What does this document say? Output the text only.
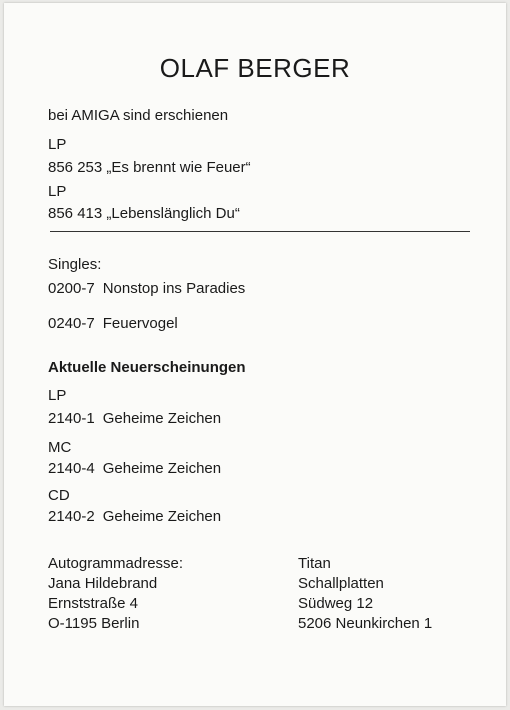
OLAF BERGER
bei AMIGA sind erschienen
LP
856 253 „Es brennt wie Feuer“
LP
856 413 „Lebenslänglich Du“
Singles:
0200-7 Nonstop ins Paradies
0240-7 Feuervogel
Aktuelle Neuerscheinungen
LP
2140-1 Geheime Zeichen
MC
2140-4 Geheime Zeichen
CD
2140-2 Geheime Zeichen
Autogrammadresse:
Jana Hildebrand
Ernststraße 4
O-1195 Berlin
Titan
Schallplatten
Südweg 12
5206 Neunkirchen 1
